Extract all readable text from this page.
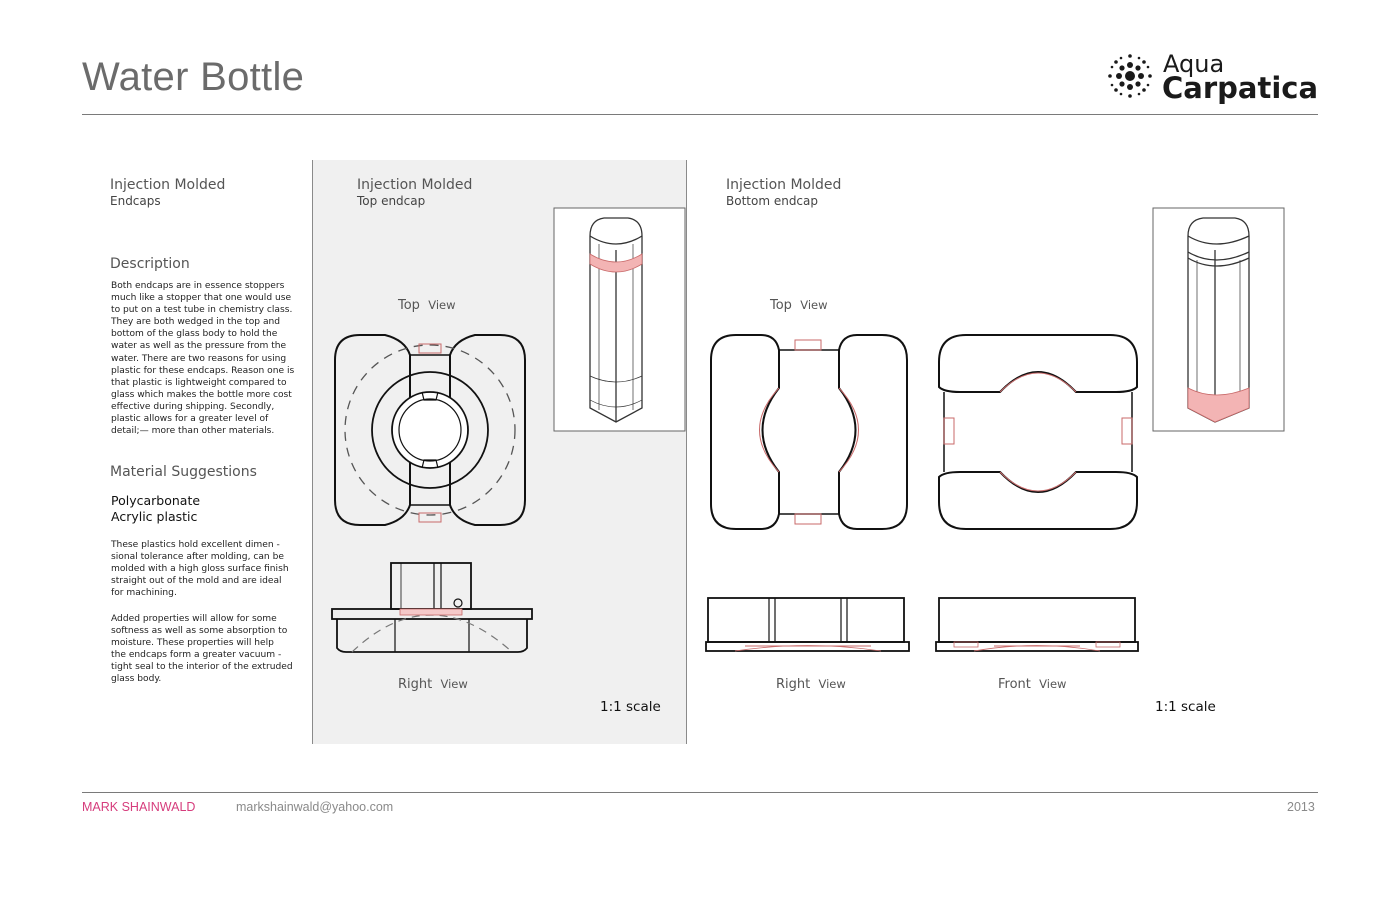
Water Bottle	Aqua
Carpatica
Injection Molded
Endcaps
Description
Both endcaps are in essence stoppers
much like a stopper that one would use
to put on a test tube in chemistry class.
They are both wedged in the top and
bottom of the glass body to hold the
water as well as the pressure from the
water. There are two reasons for using
plastic for these endcaps. Reason one is
that plastic is lightweight compared to
glass which makes the bottle more cost
effective during shipping. Secondly,
plastic allows for a greater level of
detail;— more than other materials.
Material Suggestions
Polycarbonate
Acrylic plastic
These plastics hold excellent dimen -
sional tolerance after molding, can be
molded with a high gloss surface finish
straight out of the mold and are ideal
for machining.
Added properties will allow for some
softness as well as some absorption to
moisture. These properties will help
the endcaps form a greater vacuum -
tight seal to the interior of the extruded
glass body.
Injection Molded
Top endcap
Top View
Right View
1:1 scale
Injection Molded
Bottom endcap
Top View
Right View	Front View
1:1 scale
MARK SHAINWALD	markshainwald@yahoo.com	2013
